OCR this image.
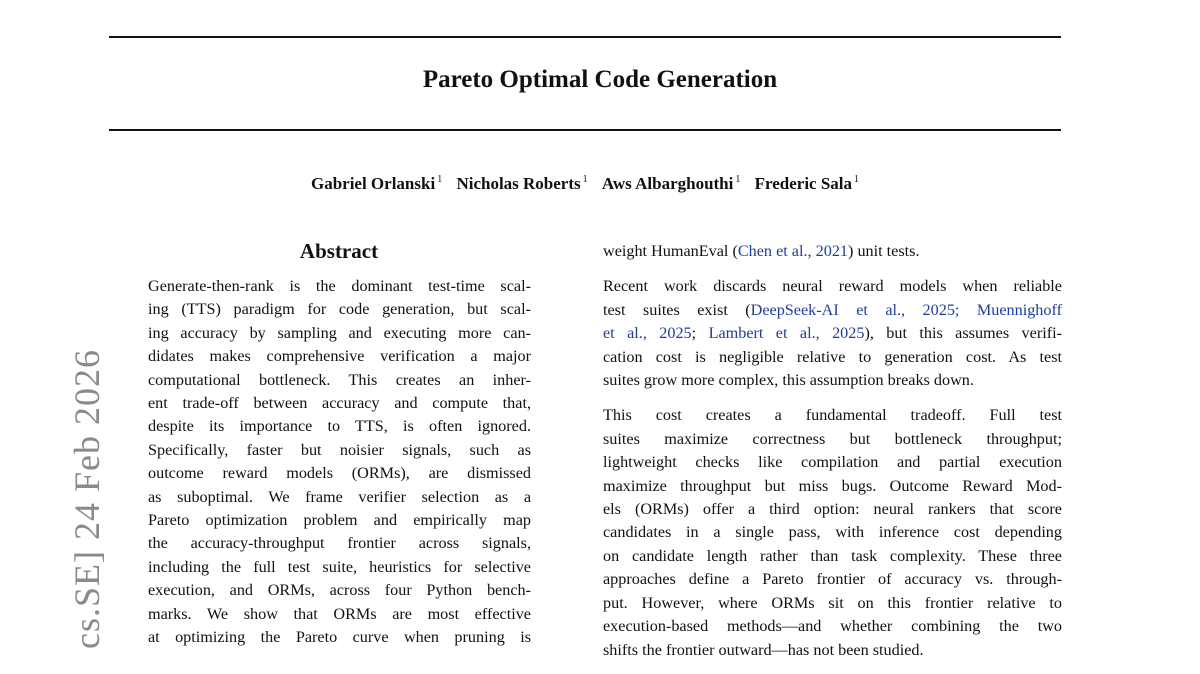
Pareto Optimal Code Generation
Gabriel Orlanski $^1$ Nicholas Roberts $^1$ Aws Albarghouthi $^1$ Frederic Sala $^1$
cs.SE] 24 Feb 2026
Abstract
Generate-then-rank is the dominant test-time scal-
ing (TTS) paradigm for code generation, but scal-
ing accuracy by sampling and executing more can-
didates makes comprehensive verification a major
computational bottleneck. This creates an inher-
ent trade-off between accuracy and compute that,
despite its importance to TTS, is often ignored.
Specifically, faster but noisier signals, such as
outcome reward models (ORMs), are dismissed
as suboptimal. We frame verifier selection as a
Pareto optimization problem and empirically map
the accuracy-throughput frontier across signals,
including the full test suite, heuristics for selective
execution, and ORMs, across four Python bench-
marks. We show that ORMs are most effective
at optimizing the Pareto curve when pruning is
weight HumanEval (Chen et al., 2021) unit tests.
Recent work discards neural reward models when reliable
test suites exist (DeepSeek-AI et al., 2025; Muennighoff
et al., 2025; Lambert et al., 2025), but this assumes verifi-
cation cost is negligible relative to generation cost. As test
suites grow more complex, this assumption breaks down.
This cost creates a fundamental tradeoff. Full test
suites maximize correctness but bottleneck throughput;
lightweight checks like compilation and partial execution
maximize throughput but miss bugs. Outcome Reward Mod-
els (ORMs) offer a third option: neural rankers that score
candidates in a single pass, with inference cost depending
on candidate length rather than task complexity. These three
approaches define a Pareto frontier of accuracy vs. through-
put. However, where ORMs sit on this frontier relative to
execution-based methods—and whether combining the two
shifts the frontier outward—has not been studied.
